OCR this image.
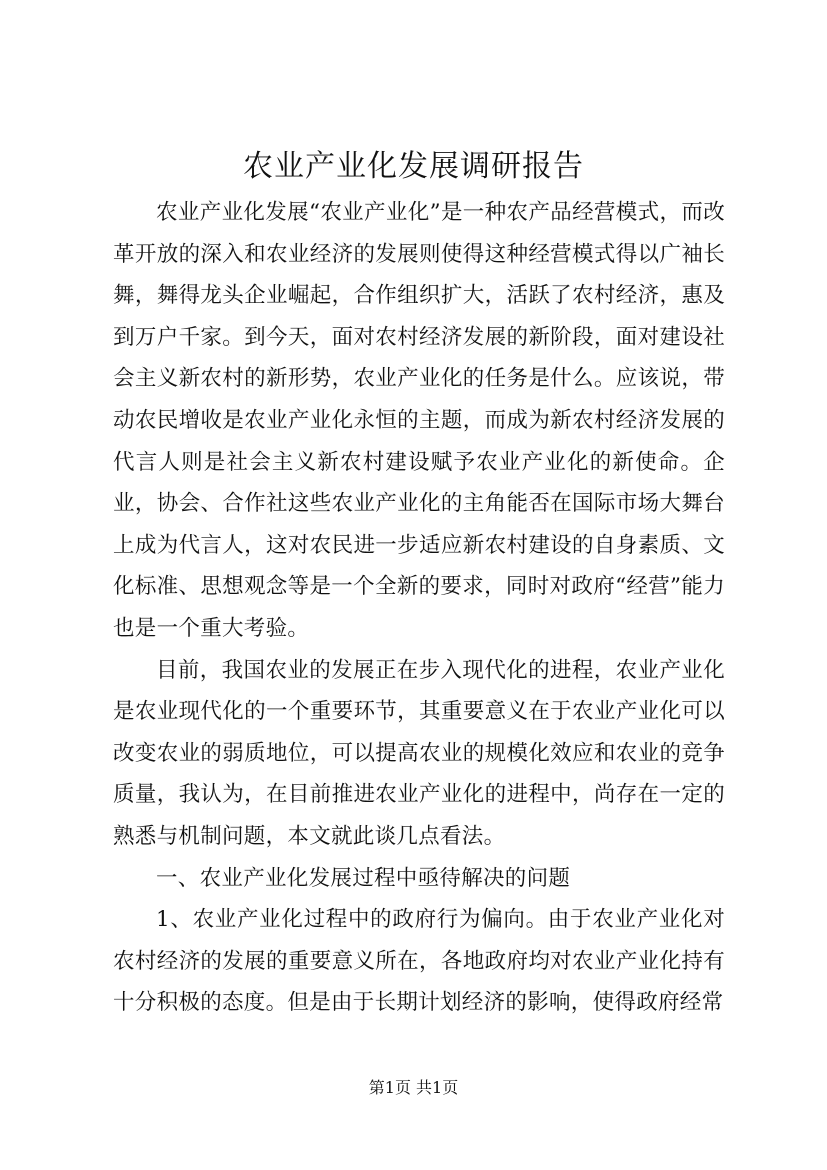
农业产业化发展调研报告

农业产业化发展“农业产业化”是一种农产品经营模式，而改革开放的深入和农业经济的发展则使得这种经营模式得以广袖长舞，舞得龙头企业崛起，合作组织扩大，活跃了农村经济，惠及到万户千家。到今天，面对农村经济发展的新阶段，面对建设社会主义新农村的新形势，农业产业化的任务是什么。应该说，带动农民增收是农业产业化永恒的主题，而成为新农村经济发展的代言人则是社会主义新农村建设赋予农业产业化的新使命。企业，协会、合作社这些农业产业化的主角能否在国际市场大舞台上成为代言人，这对农民进一步适应新农村建设的自身素质、文化标准、思想观念等是一个全新的要求，同时对政府“经营”能力也是一个重大考验。

目前，我国农业的发展正在步入现代化的进程，农业产业化是农业现代化的一个重要环节，其重要意义在于农业产业化可以改变农业的弱质地位，可以提高农业的规模化效应和农业的竞争质量，我认为，在目前推进农业产业化的进程中，尚存在一定的熟悉与机制问题，本文就此谈几点看法。

一、农业产业化发展过程中亟待解决的问题

1、农业产业化过程中的政府行为偏向。由于农业产业化对农村经济的发展的重要意义所在，各地政府均对农业产业化持有十分积极的态度。但是由于长期计划经济的影响，使得政府经常

第1页 共1页
